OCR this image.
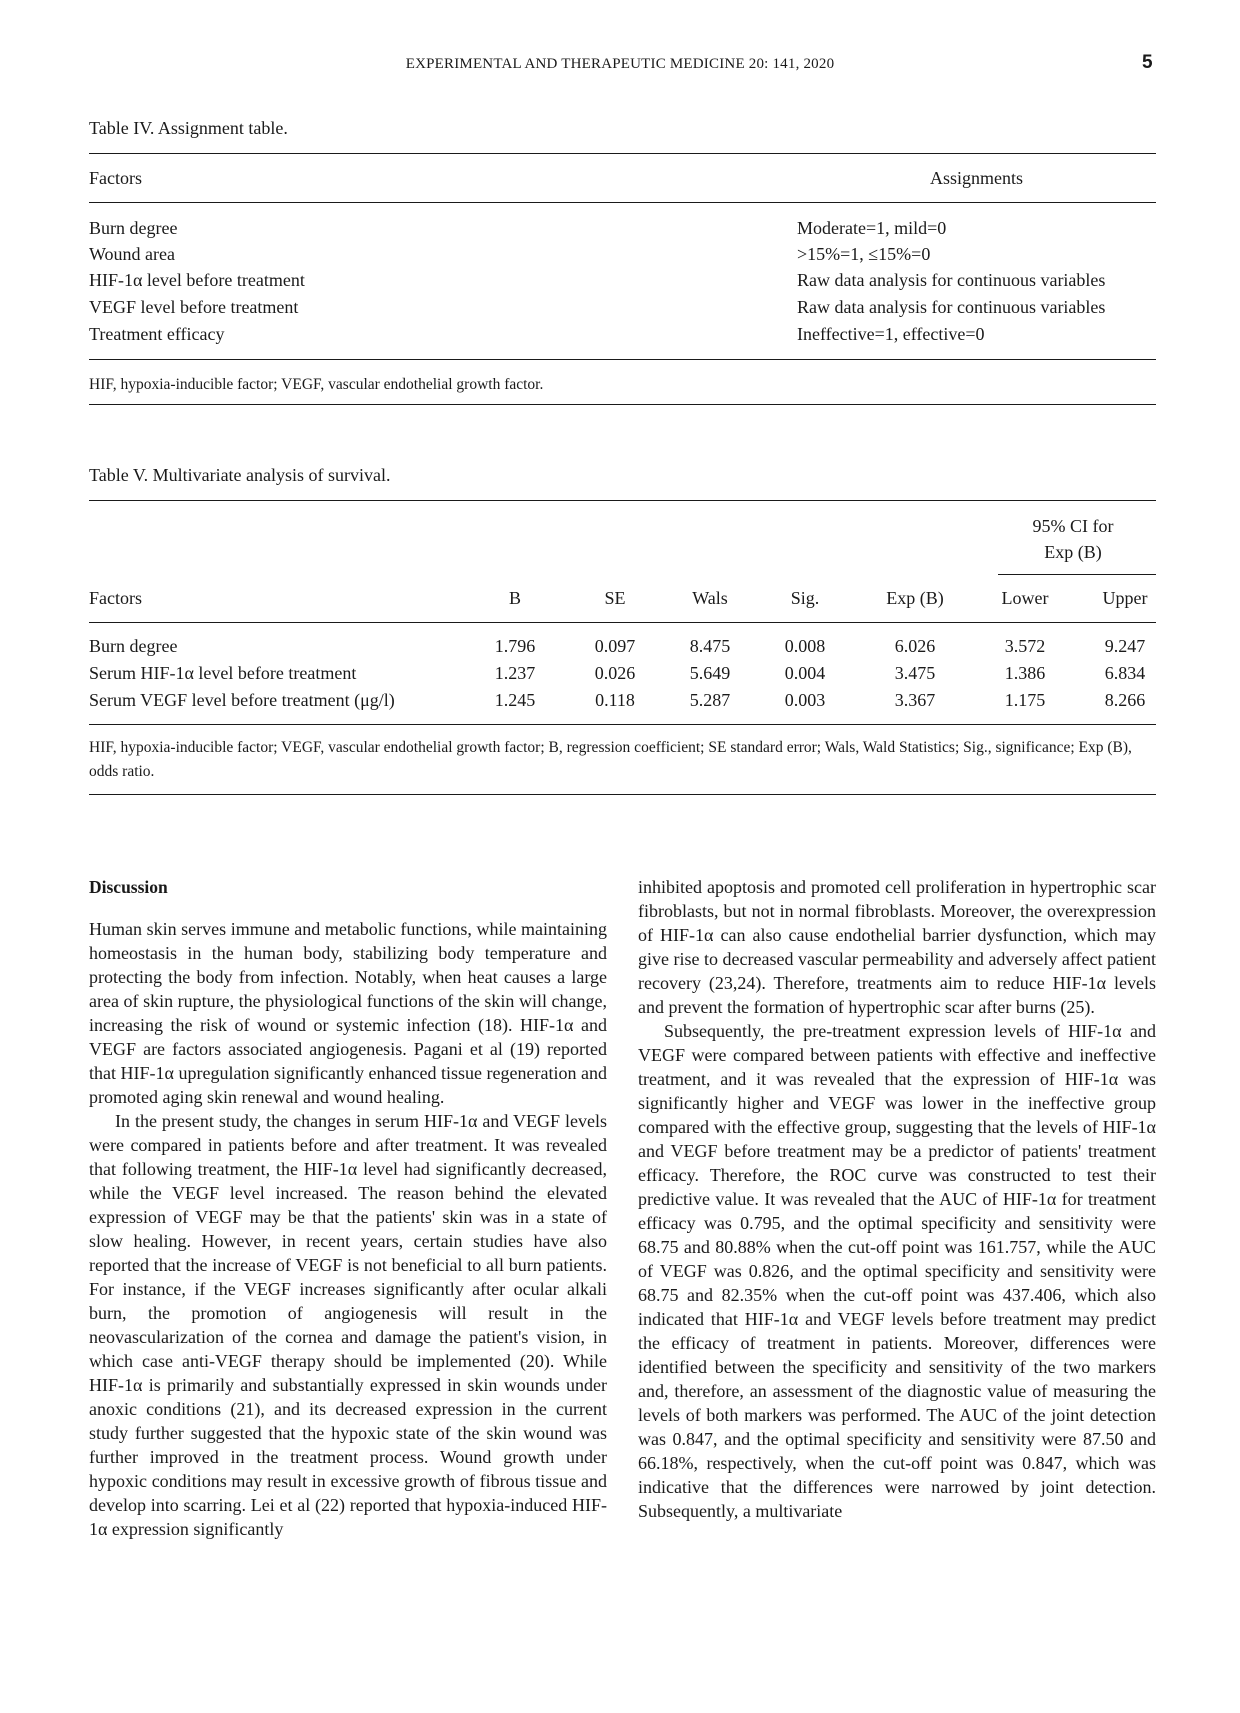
EXPERIMENTAL AND THERAPEUTIC MEDICINE 20: 141, 2020	5
Table IV. Assignment table.
Factors	Assignments
Burn degree	Moderate=1, mild=0
Wound area	>15%=1, ≤15%=0
HIF-1α level before treatment	Raw data analysis for continuous variables
VEGF level before treatment	Raw data analysis for continuous variables
Treatment efficacy	Ineffective=1, effective=0
HIF, hypoxia-inducible factor; VEGF, vascular endothelial growth factor.
Table V. Multivariate analysis of survival.
95% CI for
Exp (B)
Factors	B	SE	Wals	Sig.	Exp (B)	Lower	Upper
Burn degree	1.796	0.097	8.475	0.008	6.026	3.572	9.247
Serum HIF-1α level before treatment	1.237	0.026	5.649	0.004	3.475	1.386	6.834
Serum VEGF level before treatment (μg/l)	1.245	0.118	5.287	0.003	3.367	1.175	8.266
HIF, hypoxia-inducible factor; VEGF, vascular endothelial growth factor; B, regression coefficient; SE standard error; Wals, Wald Statistics; Sig., significance; Exp (B), odds ratio.

Discussion

Human skin serves immune and metabolic functions, while maintaining homeostasis in the human body, stabilizing body temperature and protecting the body from infection. Notably, when heat causes a large area of skin rupture, the physiological functions of the skin will change, increasing the risk of wound or systemic infection (18). HIF-1α and VEGF are factors associated angiogenesis. Pagani et al (19) reported that HIF-1α upregulation significantly enhanced tissue regeneration and promoted aging skin renewal and wound healing.

In the present study, the changes in serum HIF-1α and VEGF levels were compared in patients before and after treatment. It was revealed that following treatment, the HIF-1α level had significantly decreased, while the VEGF level increased. The reason behind the elevated expression of VEGF may be that the patients' skin was in a state of slow healing. However, in recent years, certain studies have also reported that the increase of VEGF is not beneficial to all burn patients. For instance, if the VEGF increases significantly after ocular alkali burn, the promotion of angiogenesis will result in the neovascularization of the cornea and damage the patient's vision, in which case anti-VEGF therapy should be implemented (20). While HIF-1α is primarily and substantially expressed in skin wounds under anoxic conditions (21), and its decreased expression in the current study further suggested that the hypoxic state of the skin wound was further improved in the treatment process. Wound growth under hypoxic conditions may result in excessive growth of fibrous tissue and develop into scarring. Lei et al (22) reported that hypoxia-induced HIF-1α expression significantly

inhibited apoptosis and promoted cell proliferation in hypertrophic scar fibroblasts, but not in normal fibroblasts. Moreover, the overexpression of HIF-1α can also cause endothelial barrier dysfunction, which may give rise to decreased vascular permeability and adversely affect patient recovery (23,24). Therefore, treatments aim to reduce HIF-1α levels and prevent the formation of hypertrophic scar after burns (25).

Subsequently, the pre-treatment expression levels of HIF-1α and VEGF were compared between patients with effective and ineffective treatment, and it was revealed that the expression of HIF-1α was significantly higher and VEGF was lower in the ineffective group compared with the effective group, suggesting that the levels of HIF-1α and VEGF before treatment may be a predictor of patients' treatment efficacy. Therefore, the ROC curve was constructed to test their predictive value. It was revealed that the AUC of HIF-1α for treatment efficacy was 0.795, and the optimal specificity and sensitivity were 68.75 and 80.88% when the cut-off point was 161.757, while the AUC of VEGF was 0.826, and the optimal specificity and sensitivity were 68.75 and 82.35% when the cut-off point was 437.406, which also indicated that HIF-1α and VEGF levels before treatment may predict the efficacy of treatment in patients. Moreover, differences were identified between the specificity and sensitivity of the two markers and, therefore, an assessment of the diagnostic value of measuring the levels of both markers was performed. The AUC of the joint detection was 0.847, and the optimal specificity and sensitivity were 87.50 and 66.18%, respectively, when the cut-off point was 0.847, which was indicative that the differences were narrowed by joint detection. Subsequently, a multivariate
